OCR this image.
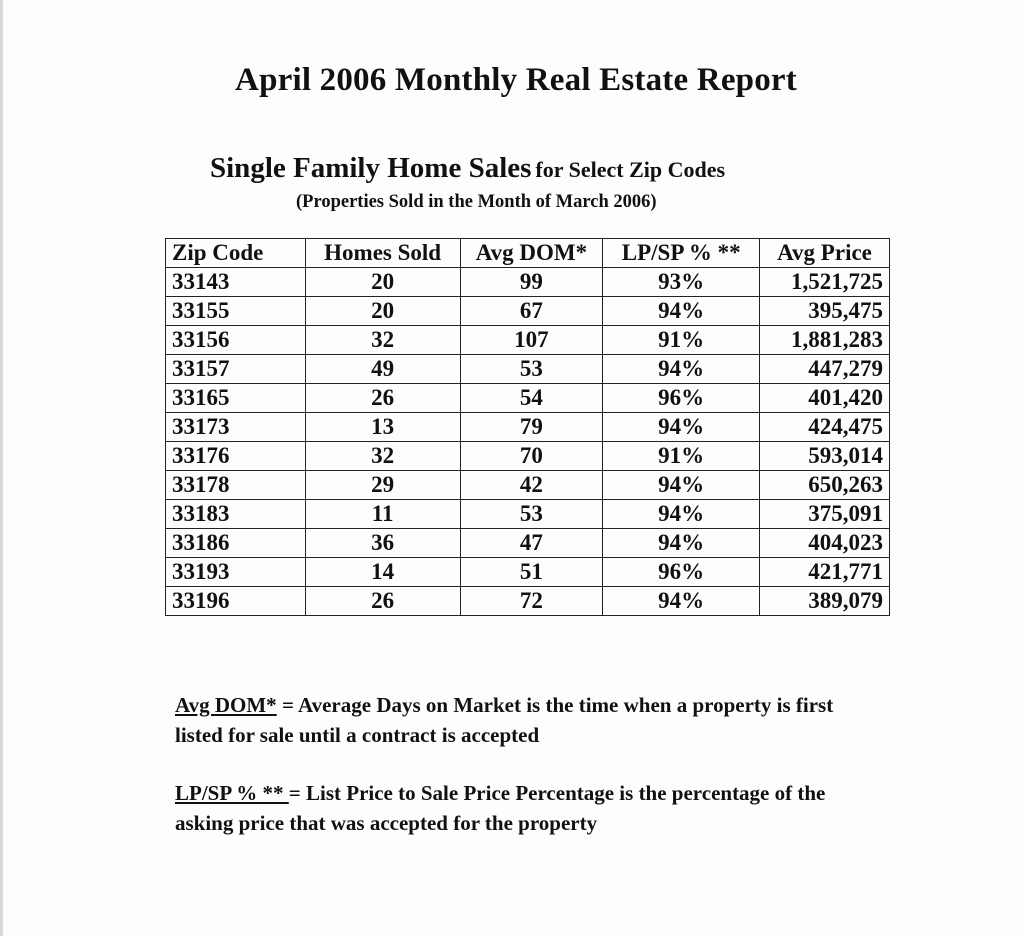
April 2006 Monthly Real Estate Report
Single Family Home Sales for Select Zip Codes
(Properties Sold in the Month of March 2006)
Zip Code	Homes Sold	Avg DOM*	LP/SP % **	Avg Price
33143	20	99	93%	1,521,725
33155	20	67	94%	395,475
33156	32	107	91%	1,881,283
33157	49	53	94%	447,279
33165	26	54	96%	401,420
33173	13	79	94%	424,475
33176	32	70	91%	593,014
33178	29	42	94%	650,263
33183	11	53	94%	375,091
33186	36	47	94%	404,023
33193	14	51	96%	421,771
33196	26	72	94%	389,079
Avg DOM* = Average Days on Market is the time when a property is first listed for sale until a contract is accepted
LP/SP % ** = List Price to Sale Price Percentage is the percentage of the asking price that was accepted for the property
